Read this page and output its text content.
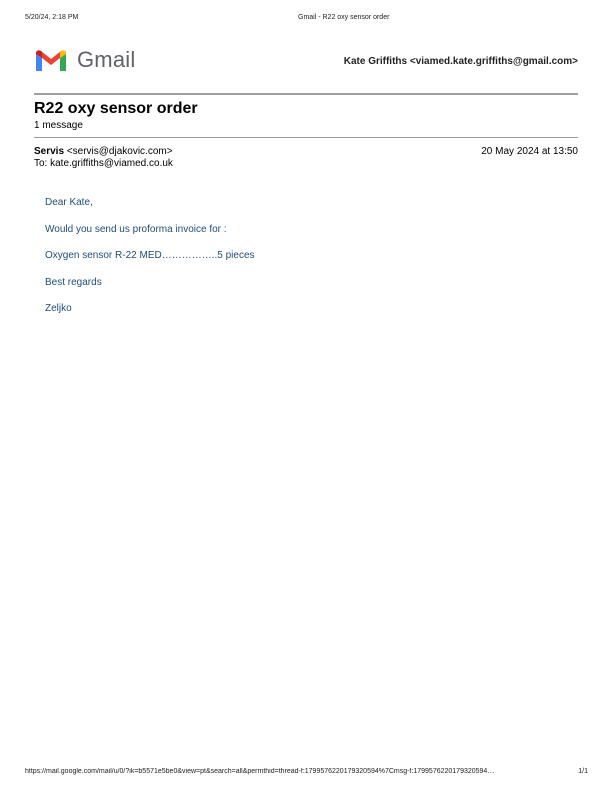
5/20/24, 2:18 PM	Gmail - R22 oxy sensor order
Gmail	Kate Griffiths <viamed.kate.griffiths@gmail.com>
R22 oxy sensor order
1 message
Servis <servis@djakovic.com>	20 May 2024 at 13:50
To: kate.griffiths@viamed.co.uk
Dear Kate,
Would you send us proforma invoice for :
Oxygen sensor R-22 MED……………..5 pieces
Best regards
Zeljko
https://mail.google.com/mail/u/0/?ik=b5571e5be0&view=pt&search=all&permthid=thread-f:1799576220179320594%7Cmsg-f:1799576220179320594…	1/1
